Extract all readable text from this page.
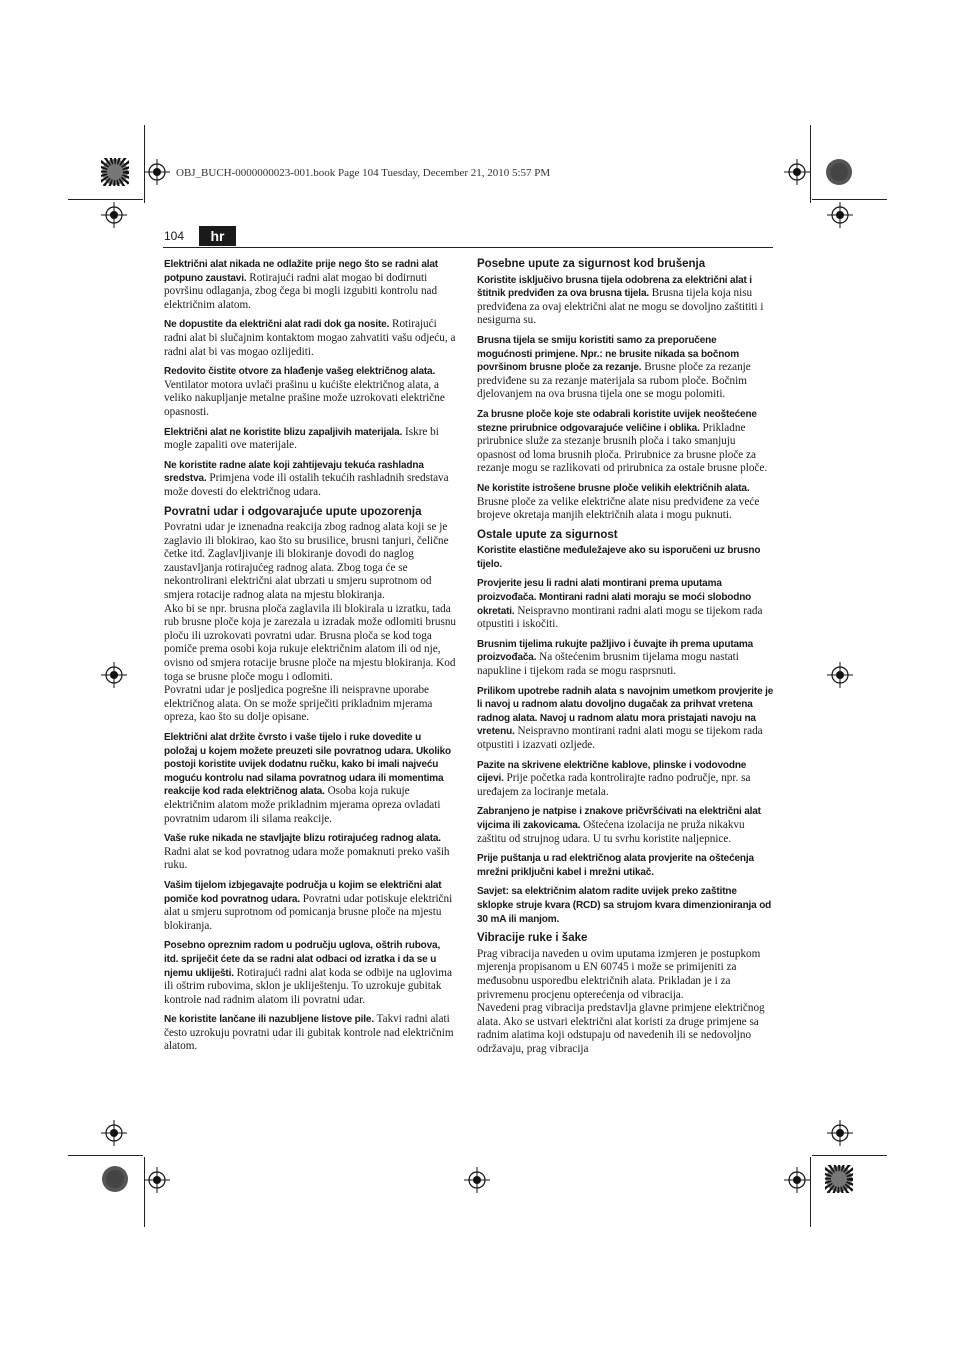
OBJ_BUCH-0000000023-001.book Page 104 Tuesday, December 21, 2010 5:57 PM
104	hr

Električni alat nikada ne odlažite prije nego što se radni alat potpuno zaustavi. Rotirajući radni alat mogao bi dodirnuti površinu odlaganja, zbog čega bi mogli izgubiti kontrolu nad električnim alatom.

Ne dopustite da električni alat radi dok ga nosite. Rotirajući radni alat bi slučajnim kontaktom mogao zahvatiti vašu odjeću, a radni alat bi vas mogao ozlijediti.

Redovito čistite otvore za hlađenje vašeg električnog alata. Ventilator motora uvlači prašinu u kućište električnog alata, a veliko nakupljanje metalne prašine može uzrokovati električne opasnosti.

Električni alat ne koristite blizu zapaljivih materijala. Iskre bi mogle zapaliti ove materijale.

Ne koristite radne alate koji zahtijevaju tekuća rashladna sredstva. Primjena vode ili ostalih tekućih rashladnih sredstava može dovesti do električnog udara.

Povratni udar i odgovarajuće upute upozorenja

Povratni udar je iznenadna reakcija zbog radnog alata koji se je zaglavio ili blokirao, kao što su brusilice, brusni tanjuri, čelične četke itd. Zaglavljivanje ili blokiranje dovodi do naglog zaustavljanja rotirajućeg radnog alata. Zbog toga će se nekontrolirani električni alat ubrzati u smjeru suprotnom od smjera rotacije radnog alata na mjestu blokiranja.

Ako bi se npr. brusna ploča zaglavila ili blokirala u izratku, tada rub brusne ploče koja je zarezala u izradak može odlomiti brusnu ploču ili uzrokovati povratni udar. Brusna ploča se kod toga pomiče prema osobi koja rukuje električnim alatom ili od nje, ovisno od smjera rotacije brusne ploče na mjestu blokiranja. Kod toga se brusne ploče mogu i odlomiti.

Povratni udar je posljedica pogrešne ili neispravne uporabe električnog alata. On se može spriječiti prikladnim mjerama opreza, kao što su dolje opisane.

Električni alat držite čvrsto i vaše tijelo i ruke dovedite u položaj u kojem možete preuzeti sile povratnog udara. Ukoliko postoji koristite uvijek dodatnu ručku, kako bi imali najveću moguću kontrolu nad silama povratnog udara ili momentima reakcije kod rada električnog alata. Osoba koja rukuje električnim alatom može prikladnim mjerama opreza ovladati povratnim udarom ili silama reakcije.

Vaše ruke nikada ne stavljajte blizu rotirajućeg radnog alata. Radni alat se kod povratnog udara može pomaknuti preko vaših ruku.

Vašim tijelom izbjegavajte područja u kojim se električni alat pomiče kod povratnog udara. Povratni udar potiskuje električni alat u smjeru suprotnom od pomicanja brusne ploče na mjestu blokiranja.

Posebno opreznim radom u području uglova, oštrih rubova, itd. spriječit ćete da se radni alat odbaci od izratka i da se u njemu ukliješti. Rotirajući radni alat koda se odbije na uglovima ili oštrim rubovima, sklon je ukliještenju. To uzrokuje gubitak kontrole nad radnim alatom ili povratni udar.

Ne koristite lančane ili nazubljene listove pile. Takvi radni alati često uzrokuju povratni udar ili gubitak kontrole nad električnim alatom.

Posebne upute za sigurnost kod brušenja

Koristite isključivo brusna tijela odobrena za električni alat i štitnik predviđen za ova brusna tijela. Brusna tijela koja nisu predviđena za ovaj električni alat ne mogu se dovoljno zaštititi i nesigurna su.

Brusna tijela se smiju koristiti samo za preporučene mogućnosti primjene. Npr.: ne brusite nikada sa bočnom površinom brusne ploče za rezanje. Brusne ploče za rezanje predviđene su za rezanje materijala sa rubom ploče. Bočnim djelovanjem na ova brusna tijela one se mogu polomiti.

Za brusne ploče koje ste odabrali koristite uvijek neoštećene stezne prirubnice odgovarajuće veličine i oblika. Prikladne prirubnice služe za stezanje brusnih ploča i tako smanjuju opasnost od loma brusnih ploča. Prirubnice za brusne ploče za rezanje mogu se razlikovati od prirubnica za ostale brusne ploče.

Ne koristite istrošene brusne ploče velikih električnih alata. Brusne ploče za velike električne alate nisu predviđene za veće brojeve okretaja manjih električnih alata i mogu puknuti.

Ostale upute za sigurnost

Koristite elastične međuležajeve ako su isporučeni uz brusno tijelo.

Provjerite jesu li radni alati montirani prema uputama proizvođača. Montirani radni alati moraju se moći slobodno okretati. Neispravno montirani radni alati mogu se tijekom rada otpustiti i iskočiti.

Brusnim tijelima rukujte pažljivo i čuvajte ih prema uputama proizvođača. Na oštećenim brusnim tijelama mogu nastati napukline i tijekom rada se mogu rasprsnuti.

Prilikom upotrebe radnih alata s navojnim umetkom provjerite je li navoj u radnom alatu dovoljno dugačak za prihvat vretena radnog alata. Navoj u radnom alatu mora pristajati navoju na vretenu. Neispravno montirani radni alati mogu se tijekom rada otpustiti i izazvati ozljede.

Pazite na skrivene električne kablove, plinske i vodovodne cijevi. Prije početka rada kontrolirajte radno područje, npr. sa uređajem za lociranje metala.

Zabranjeno je natpise i znakove pričvršćivati na električni alat vijcima ili zakovicama. Oštećena izolacija ne pruža nikakvu zaštitu od strujnog udara. U tu svrhu koristite naljepnice.

Prije puštanja u rad električnog alata provjerite na oštećenja mrežni priključni kabel i mrežni utikač.

Savjet: sa električnim alatom radite uvijek preko zaštitne sklopke struje kvara (RCD) sa strujom kvara dimenzioniranja od 30 mA ili manjom.

Vibracije ruke i šake

Prag vibracija naveden u ovim uputama izmjeren je postupkom mjerenja propisanom u EN 60745 i može se primijeniti za međusobnu usporedbu električnih alata. Prikladan je i za privremenu procjenu opterećenja od vibracija.

Navedeni prag vibracija predstavlja glavne primjene električnog alata. Ako se ustvari električni alat koristi za druge primjene sa radnim alatima koji odstupaju od navedenih ili se nedovoljno održavaju, prag vibracija
